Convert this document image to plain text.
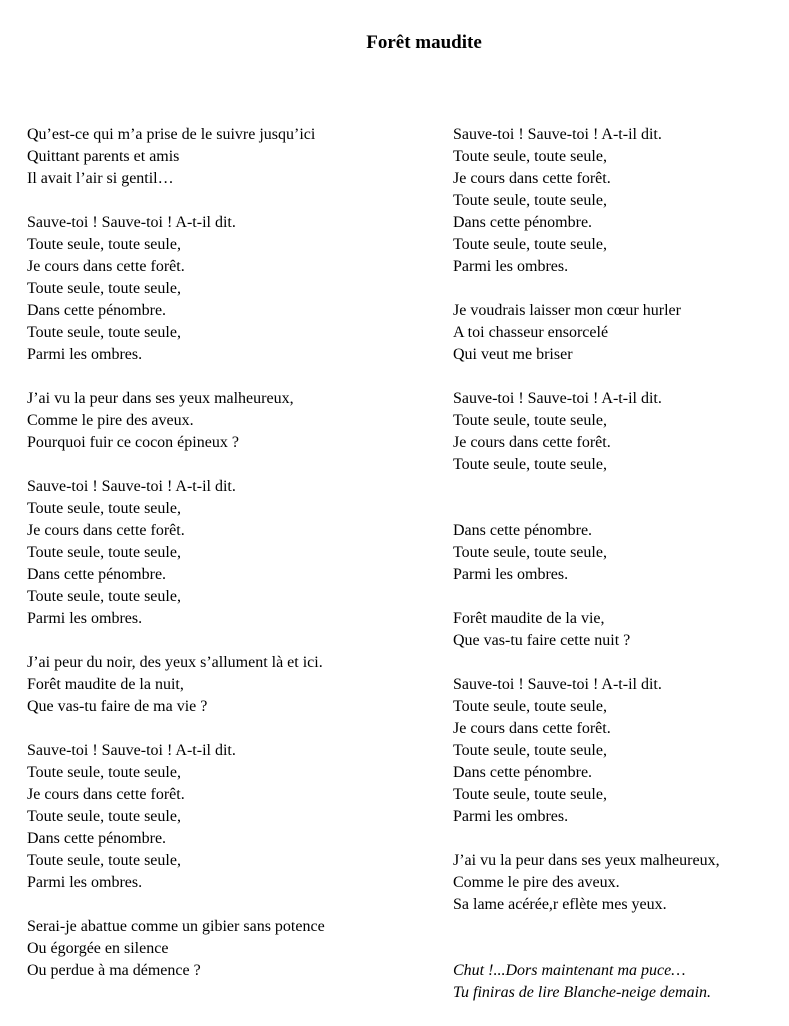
Forêt maudite
Qu’est-ce qui m’a prise de le suivre jusqu’ici
Quittant parents et amis
Il avait l’air si gentil…
Sauve-toi ! Sauve-toi ! A-t-il dit.
Toute seule, toute seule,
Je cours dans cette forêt.
Toute seule, toute seule,
Dans cette pénombre.
Toute seule, toute seule,
Parmi les ombres.
J’ai vu la peur dans ses yeux malheureux,
Comme le pire des aveux.
Pourquoi fuir ce cocon épineux ?
Sauve-toi ! Sauve-toi ! A-t-il dit.
Toute seule, toute seule,
Je cours dans cette forêt.
Toute seule, toute seule,
Dans cette pénombre.
Toute seule, toute seule,
Parmi les ombres.
J’ai peur du noir, des yeux s’allument là et ici.
Forêt maudite de la nuit,
Que vas-tu faire de ma vie ?
Sauve-toi ! Sauve-toi ! A-t-il dit.
Toute seule, toute seule,
Je cours dans cette forêt.
Toute seule, toute seule,
Dans cette pénombre.
Toute seule, toute seule,
Parmi les ombres.
Serai-je abattue comme un gibier sans potence
Ou égorgée en silence
Ou perdue à ma démence ?
Sauve-toi ! Sauve-toi ! A-t-il dit.
Toute seule, toute seule,
Je cours dans cette forêt.
Toute seule, toute seule,
Dans cette pénombre.
Toute seule, toute seule,
Parmi les ombres.
Je voudrais laisser mon cœur hurler
A toi chasseur ensorcelé
Qui veut me briser
Sauve-toi ! Sauve-toi ! A-t-il dit.
Toute seule, toute seule,
Je cours dans cette forêt.
Toute seule, toute seule,
Dans cette pénombre.
Toute seule, toute seule,
Parmi les ombres.
Forêt maudite de la vie,
Que vas-tu faire cette nuit ?
Sauve-toi ! Sauve-toi ! A-t-il dit.
Toute seule, toute seule,
Je cours dans cette forêt.
Toute seule, toute seule,
Dans cette pénombre.
Toute seule, toute seule,
Parmi les ombres.
J’ai vu la peur dans ses yeux malheureux,
Comme le pire des aveux.
Sa lame acérée,r eflète mes yeux.
Chut !...Dors maintenant ma puce…
Tu finiras de lire Blanche-neige demain.
